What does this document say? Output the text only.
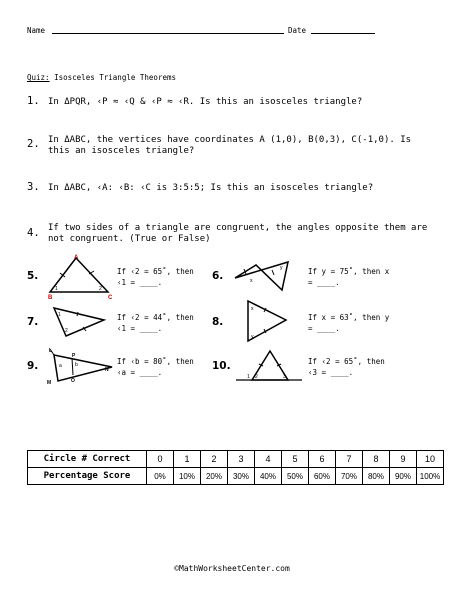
Name	Date
Quiz: Isosceles Triangle Theorems
1. In ΔPQR, ‹P ≈ ‹Q & ‹P ≈ ‹R. Is this an isosceles triangle?
2. In ΔABC, the vertices have coordinates A (1,0), B(0,3), C(-1,0). Is
this an isosceles triangle?
3. In ΔABC, ‹A: ‹B: ‹C is 3:5:5; Is this an isosceles triangle?
4. If two sides of a triangle are congruent, the angles opposite them are
not congruent. (True or False)
5.	6.
7.	8.
9.	10.
If ‹2 = 65˚, then
‹1 = ____.
If y = 75˚, then x
= ____.
If ‹2 = 44˚, then
‹1 = ____.
If x = 63˚, then y
= ____.
If ‹b = 80˚, then
‹a = ____.
If ‹2 = 65˚, then
‹3 = ____.
A
B	C
1	2
x
y
1
2
x
y
L
P
a	b
N
O
M
1 2	3
Circle # Correct	0	1	2	3	4	5	6	7	8	9	10
Percentage Score	0%	10%	20%	30%	40%	50%	60%	70%	80%	90%	100%
©MathWorksheetCenter.com
